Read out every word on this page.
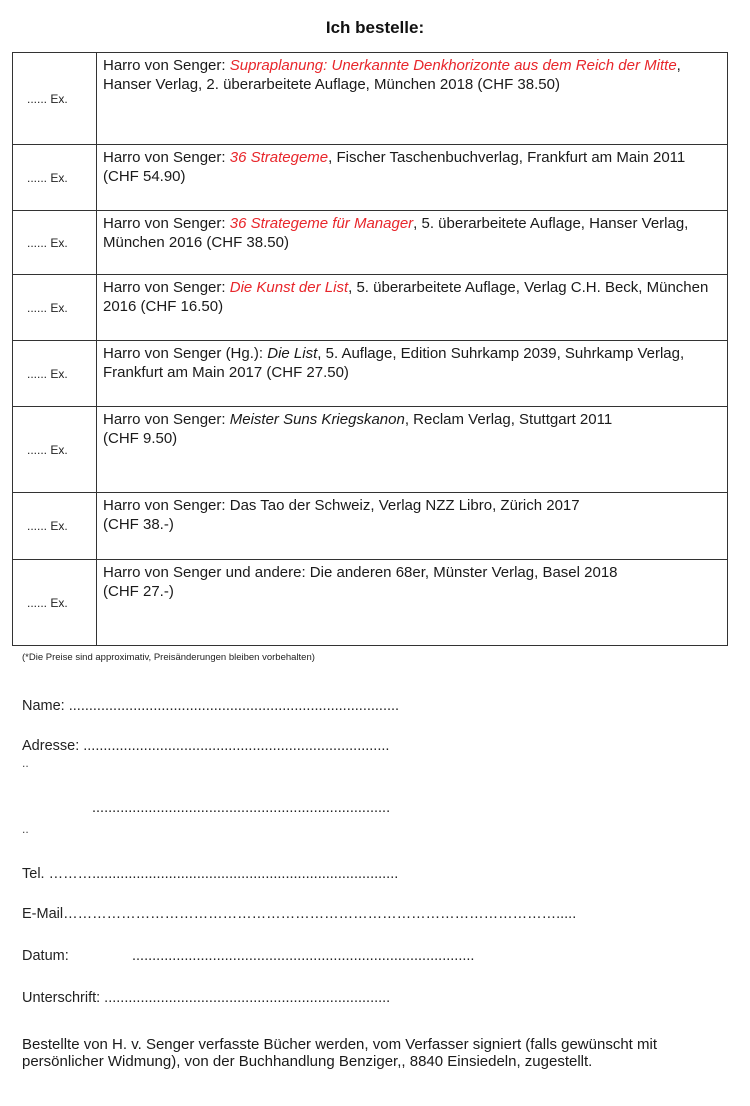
Ich bestelle:
...... Ex.	Harro von Senger: Supraplanung: Unerkannte Denkhorizonte aus dem Reich der Mitte, Hanser Verlag, 2. überarbeitete Auflage, München 2018 (CHF 38.50)
...... Ex.	Harro von Senger: 36 Strategeme, Fischer Taschenbuchverlag, Frankfurt am Main 2011 (CHF 54.90)
...... Ex.	Harro von Senger: 36 Strategeme für Manager, 5. überarbeitete Auflage, Hanser Verlag, München 2016 (CHF 38.50)
...... Ex.	Harro von Senger: Die Kunst der List, 5. überarbeitete Auflage, Verlag C.H. Beck, München 2016 (CHF 16.50)
...... Ex.	Harro von Senger (Hg.): Die List, 5. Auflage, Edition Suhrkamp 2039, Suhrkamp Verlag, Frankfurt am Main 2017 (CHF 27.50)
...... Ex.	Harro von Senger: Meister Suns Kriegskanon, Reclam Verlag, Stuttgart 2011
(CHF 9.50)
...... Ex.	Harro von Senger: Das Tao der Schweiz, Verlag NZZ Libro, Zürich 2017
(CHF 38.-)
...... Ex.	Harro von Senger und andere: Die anderen 68er, Münster Verlag, Basel 2018
(CHF 27.-)
(*Die Preise sind approximativ, Preisänderungen bleiben vorbehalten)
Name: ..................................................................................
Adresse: ............................................................................
..
..........................................................................
..
Tel. ………............................................................................
E-Mail………………………………………………………………………………………….....
Datum:	.....................................................................................
Unterschrift: .......................................................................
Bestellte von H. v. Senger verfasste Bücher werden, vom Verfasser signiert (falls gewünscht mit persönlicher Widmung), von der Buchhandlung Benziger,, 8840 Einsiedeln, zugestellt.
